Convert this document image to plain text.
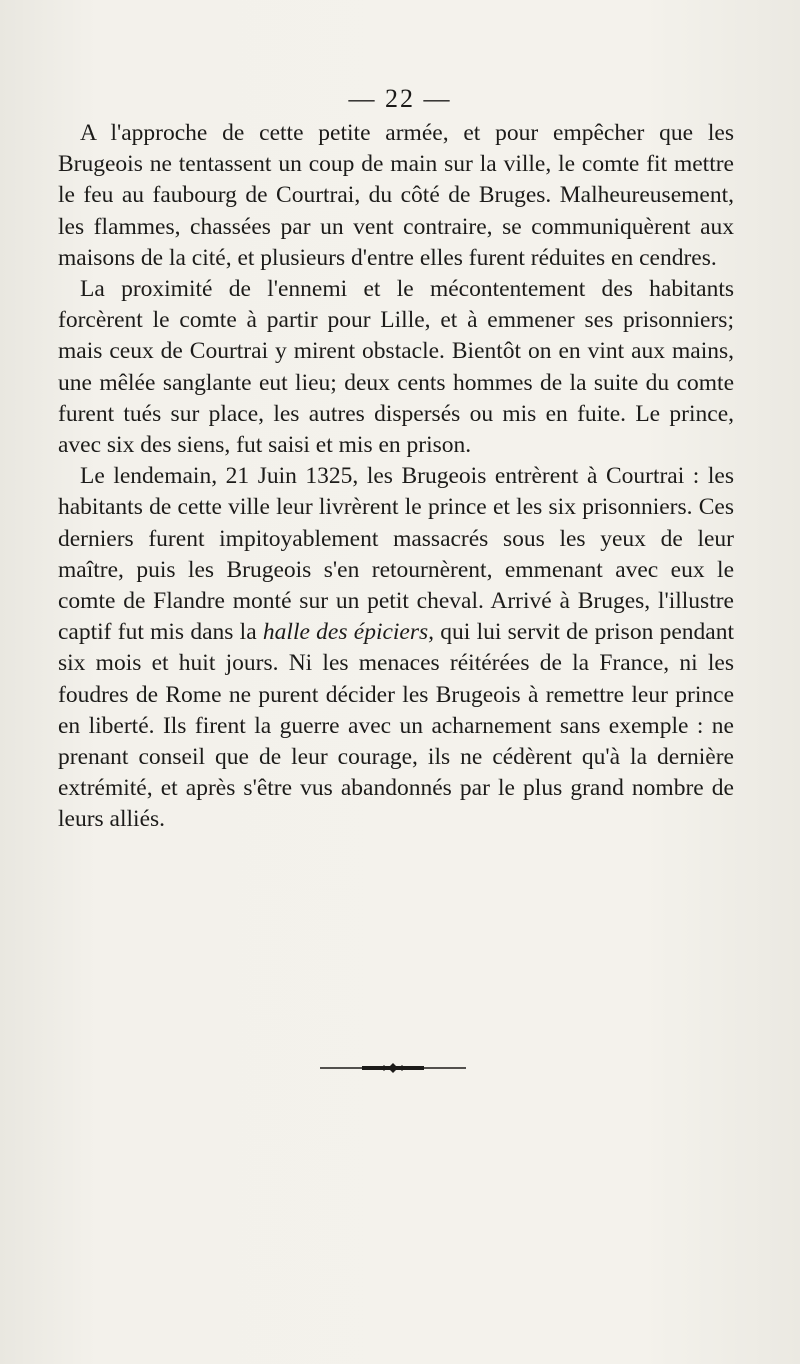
— 22 —

A l'approche de cette petite armée, et pour empêcher que les Brugeois ne tentassent un coup de main sur la ville, le comte fit mettre le feu au faubourg de Courtrai, du côté de Bruges. Malheureusement, les flammes, chassées par un vent contraire, se communiquèrent aux maisons de la cité, et plusieurs d'entre elles furent réduites en cendres.

La proximité de l'ennemi et le mécontentement des habitants forcèrent le comte à partir pour Lille, et à emmener ses prisonniers; mais ceux de Courtrai y mirent obstacle. Bientôt on en vint aux mains, une mêlée sanglante eut lieu; deux cents hommes de la suite du comte furent tués sur place, les autres dispersés ou mis en fuite. Le prince, avec six des siens, fut saisi et mis en prison.

Le lendemain, 21 Juin 1325, les Brugeois entrèrent à Courtrai : les habitants de cette ville leur livrèrent le prince et les six prisonniers. Ces derniers furent impitoyablement massacrés sous les yeux de leur maître, puis les Brugeois s'en retournèrent, emmenant avec eux le comte de Flandre monté sur un petit cheval. Arrivé à Bruges, l'illustre captif fut mis dans la halle des épiciers, qui lui servit de prison pendant six mois et huit jours. Ni les menaces réitérées de la France, ni les foudres de Rome ne purent décider les Brugeois à remettre leur prince en liberté. Ils firent la guerre avec un acharnement sans exemple : ne prenant conseil que de leur courage, ils ne cédèrent qu'à la dernière extrémité, et après s'être vus abandonnés par le plus grand nombre de leurs alliés.
